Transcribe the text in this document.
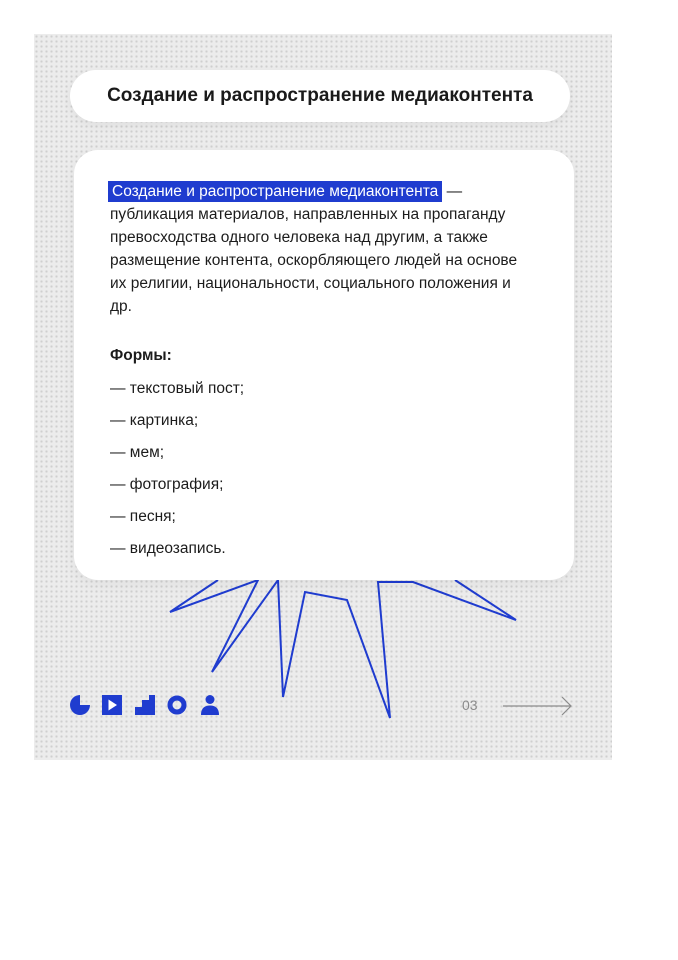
Создание и распространение медиаконтента

Создание и распространение медиаконтента — публикация материалов, направленных на пропаганду превосходства одного человека над другим, а также размещение контента, оскорбляющего людей на основе их религии, национальности, социального положения и др.

Формы:
— текстовый пост;
— картинка;
— мем;
— фотография;
— песня;
— видеозапись.
03
